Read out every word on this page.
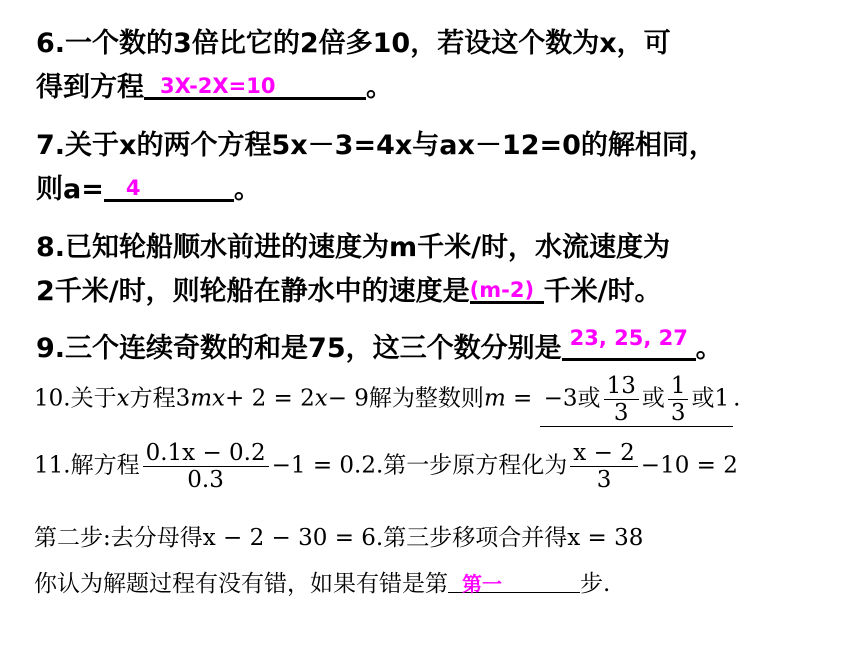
6.一个数的3倍比它的2倍多10，若设这个数为x，可
得到方程 3X-2X=10	。
7.关于x的两个方程5x－3=4x与ax－12=0的解相同，
则a= 4	。
8.已知轮船顺水前进的速度为m千米/时，水流速度为
2千米/时，则轮船在静水中的速度是 (m-2) 千米/时。
9.三个连续奇数的和是75，这三个数分别是 23, 25, 27 。
10.关于x方程3mx+ 2 = 2x− 9解为整数则m = −3或 $\frac{13}{3}$ 或 $\frac{1}{3}$ 或1 .
11.解方程 $\frac{0.1x - 0.2}{0.3} -1 = 0.2$.第一步原方程化为 $\frac{x - 2}{3} -10 = 2$
第二步:去分母得x − 2 − 30 = 6.第三步移项合并得x = 38
你认为解题过程有没有错，如果有错是第 第一	步.
